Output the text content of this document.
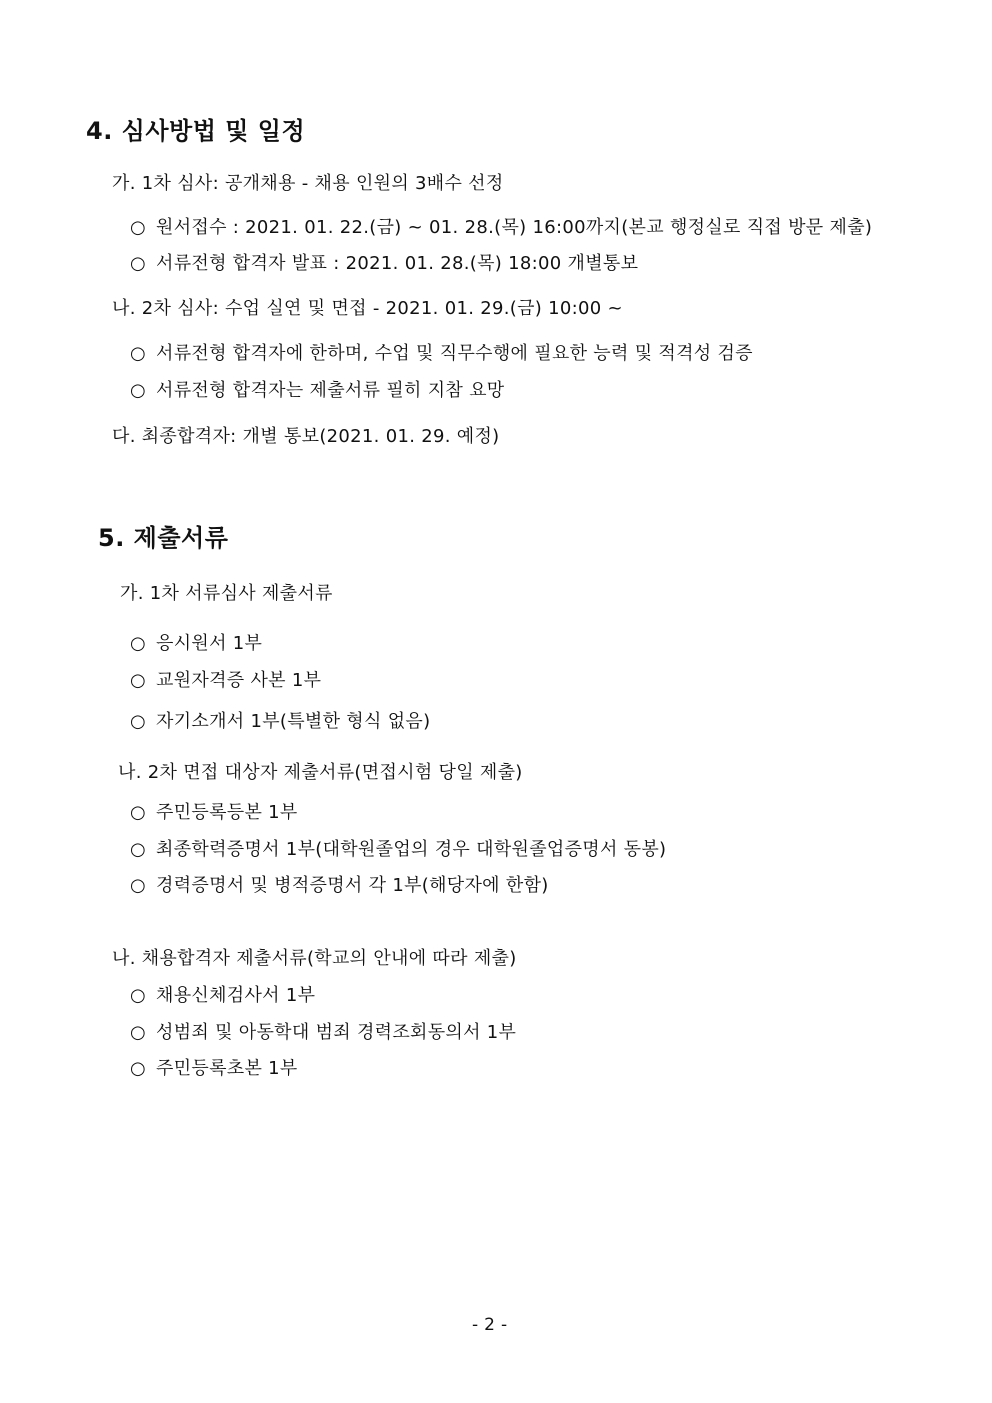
4. 심사방법 및 일정
가. 1차 심사: 공개채용 - 채용 인원의 3배수 선정
○ 원서접수 : 2021. 01. 22.(금) ~ 01. 28.(목) 16:00까지(본교 행정실로 직접 방문 제출)
○ 서류전형 합격자 발표 : 2021. 01. 28.(목) 18:00 개별통보
나. 2차 심사: 수업 실연 및 면접 - 2021. 01. 29.(금) 10:00 ~
○ 서류전형 합격자에 한하며, 수업 및 직무수행에 필요한 능력 및 적격성 검증
○ 서류전형 합격자는 제출서류 필히 지참 요망
다. 최종합격자: 개별 통보(2021. 01. 29. 예정)
5. 제출서류
가. 1차 서류심사 제출서류
○ 응시원서 1부
○ 교원자격증 사본 1부
○ 자기소개서 1부(특별한 형식 없음)
나. 2차 면접 대상자 제출서류(면접시험 당일 제출)
○ 주민등록등본 1부
○ 최종학력증명서 1부(대학원졸업의 경우 대학원졸업증명서 동봉)
○ 경력증명서 및 병적증명서 각 1부(해당자에 한함)
나. 채용합격자 제출서류(학교의 안내에 따라 제출)
○ 채용신체검사서 1부
○ 성범죄 및 아동학대 범죄 경력조회동의서 1부
○ 주민등록초본 1부
- 2 -
